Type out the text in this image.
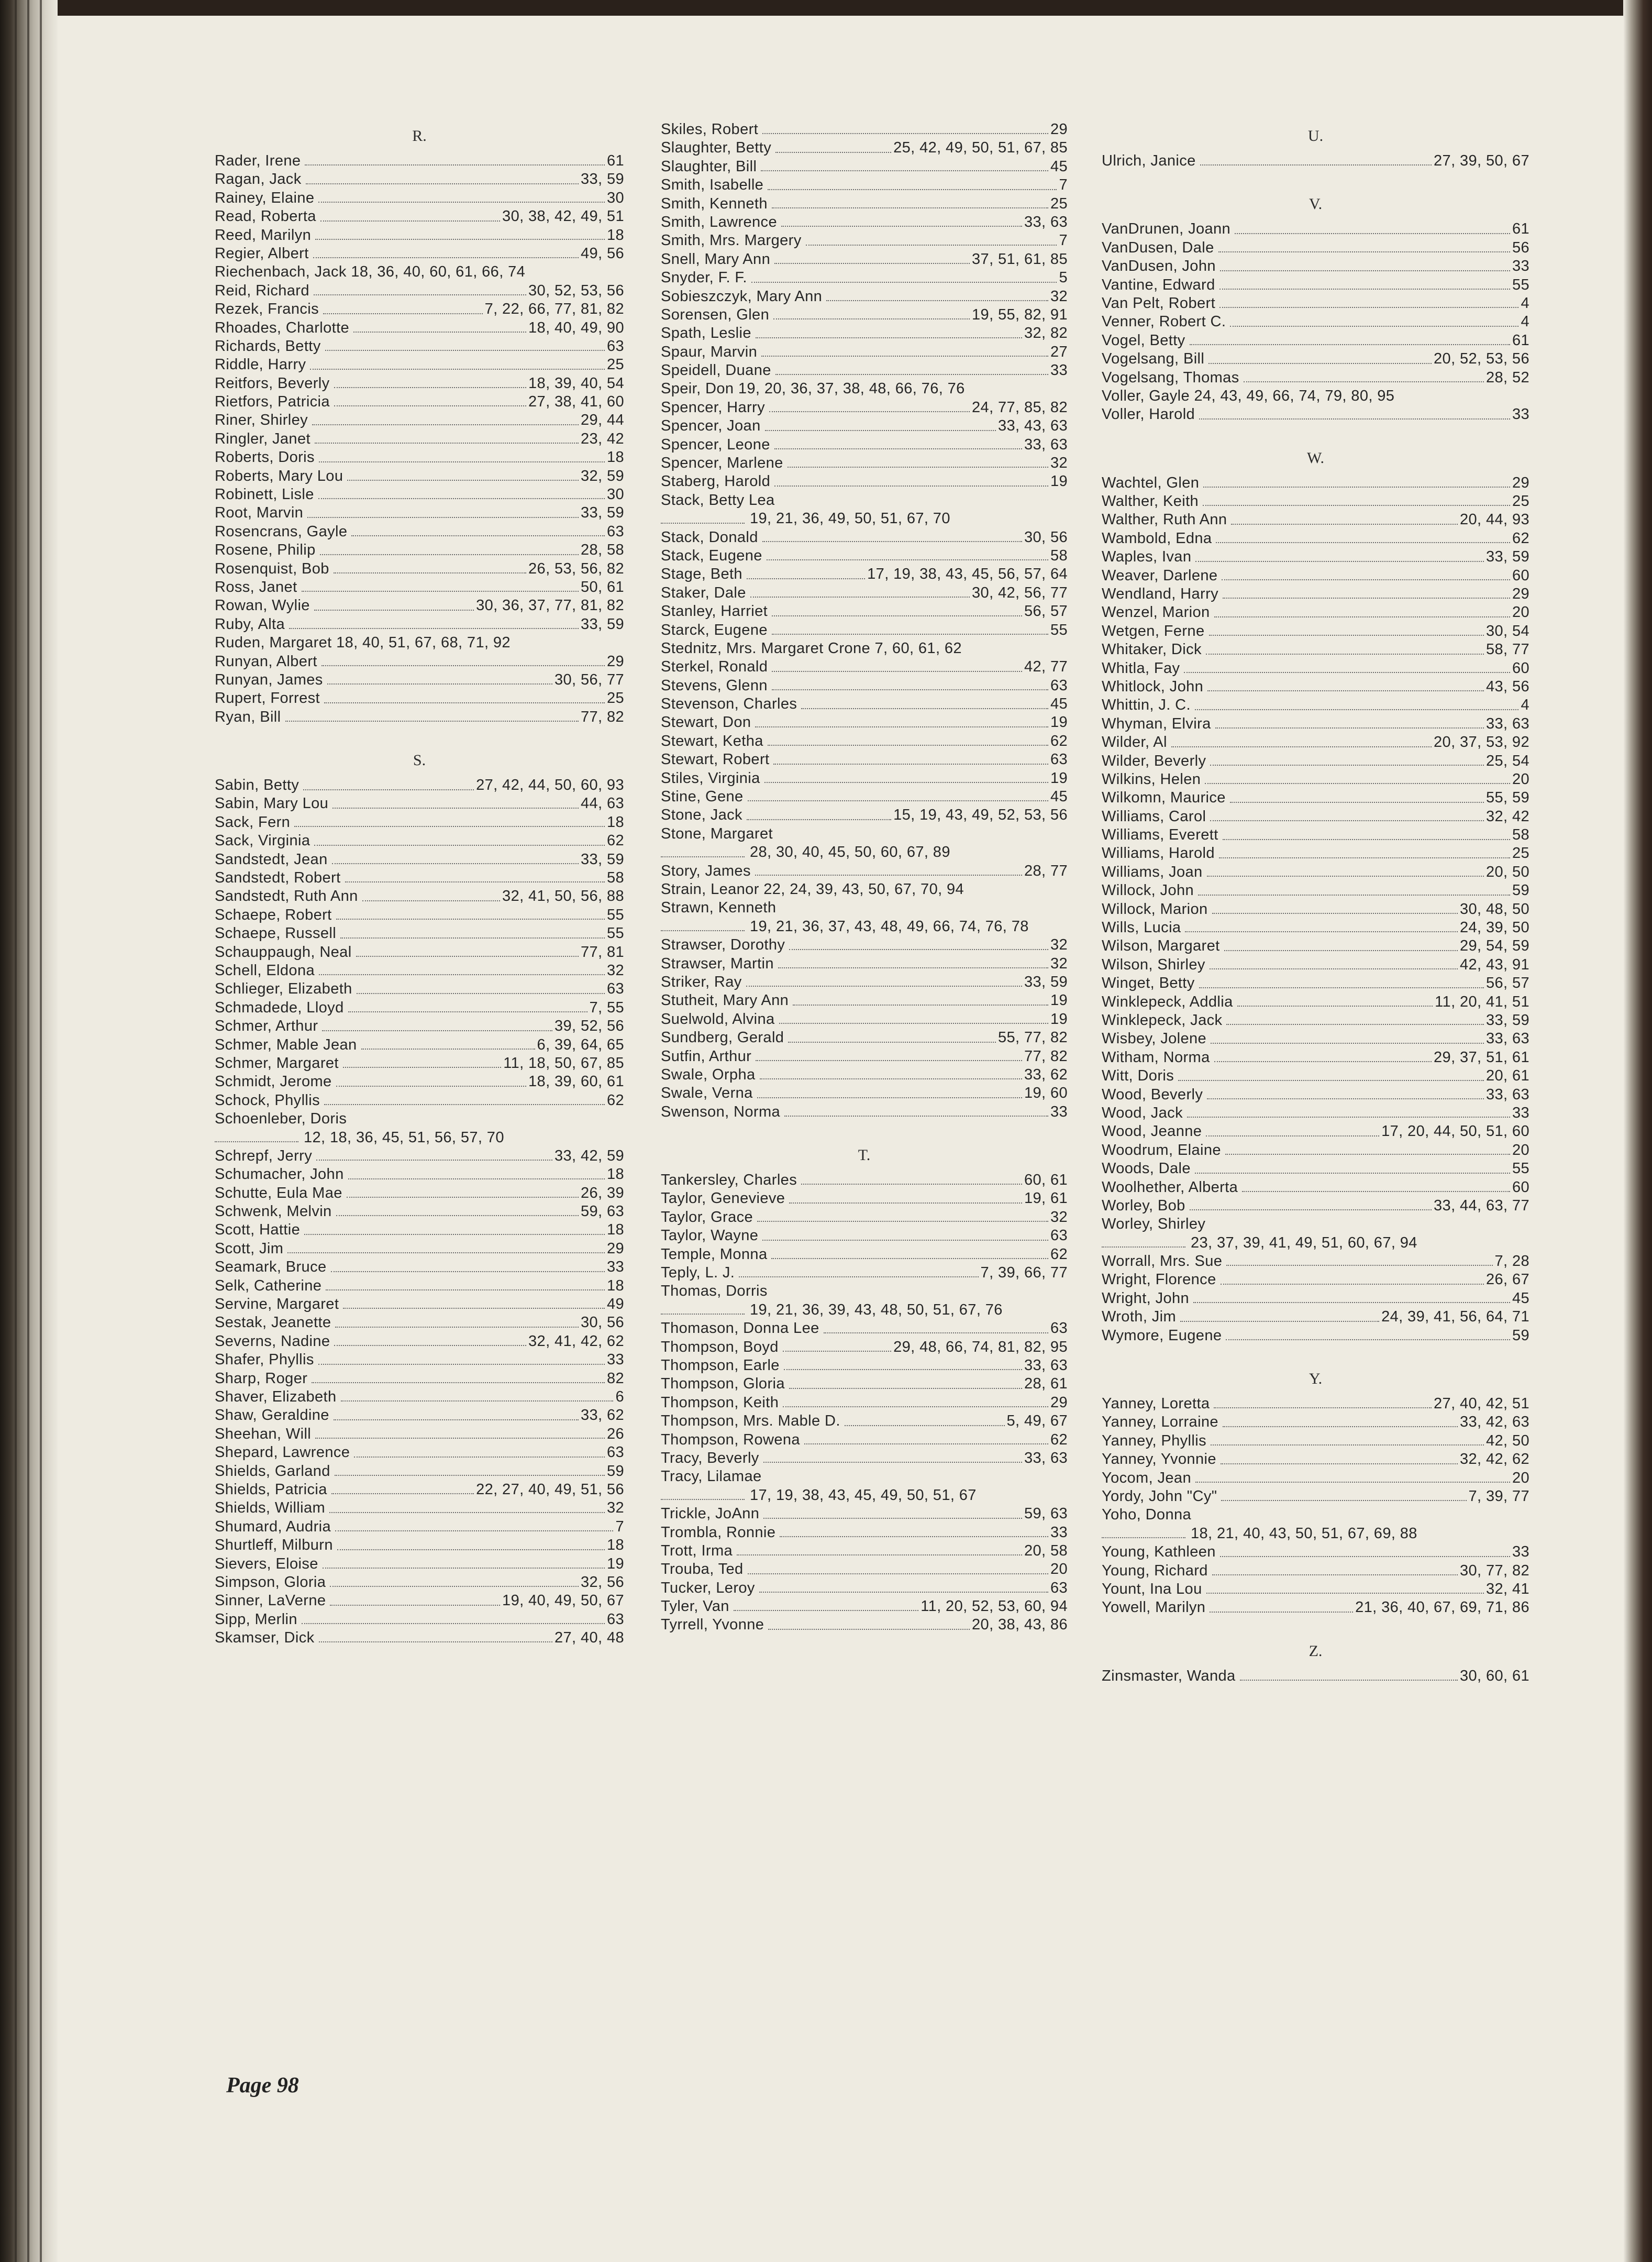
R.
Rader, Irene	61
Ragan, Jack	33, 59
Rainey, Elaine	30
Read, Roberta	30, 38, 42, 49, 51
Reed, Marilyn	18
Regier, Albert	49, 56
Riechenbach, Jack 18, 36, 40, 60, 61, 66, 74
Reid, Richard	30, 52, 53, 56
Rezek, Francis	7, 22, 66, 77, 81, 82
Rhoades, Charlotte	18, 40, 49, 90
Richards, Betty	63
Riddle, Harry	25
Reitfors, Beverly	18, 39, 40, 54
Rietfors, Patricia	27, 38, 41, 60
Riner, Shirley	29, 44
Ringler, Janet	23, 42
Roberts, Doris	18
Roberts, Mary Lou	32, 59
Robinett, Lisle	30
Root, Marvin	33, 59
Rosencrans, Gayle	63
Rosene, Philip	28, 58
Rosenquist, Bob	26, 53, 56, 82
Ross, Janet	50, 61
Rowan, Wylie	30, 36, 37, 77, 81, 82
Ruby, Alta	33, 59
Ruden, Margaret 18, 40, 51, 67, 68, 71, 92
Runyan, Albert	29
Runyan, James	30, 56, 77
Rupert, Forrest	25
Ryan, Bill	77, 82
S.
Sabin, Betty	27, 42, 44, 50, 60, 93
Sabin, Mary Lou	44, 63
Sack, Fern	18
Sack, Virginia	62
Sandstedt, Jean	33, 59
Sandstedt, Robert	58
Sandstedt, Ruth Ann	32, 41, 50, 56, 88
Schaepe, Robert	55
Schaepe, Russell	55
Schauppaugh, Neal	77, 81
Schell, Eldona	32
Schlieger, Elizabeth	63
Schmadede, Lloyd	7, 55
Schmer, Arthur	39, 52, 56
Schmer, Mable Jean	6, 39, 64, 65
Schmer, Margaret	11, 18, 50, 67, 85
Schmidt, Jerome	18, 39, 60, 61
Schock, Phyllis	62
Schoenleber, Doris
12, 18, 36, 45, 51, 56, 57, 70
Schrepf, Jerry	33, 42, 59
Schumacher, John	18
Schutte, Eula Mae	26, 39
Schwenk, Melvin	59, 63
Scott, Hattie	18
Scott, Jim	29
Seamark, Bruce	33
Selk, Catherine	18
Servine, Margaret	49
Sestak, Jeanette	30, 56
Severns, Nadine	32, 41, 42, 62
Shafer, Phyllis	33
Sharp, Roger	82
Shaver, Elizabeth	6
Shaw, Geraldine	33, 62
Sheehan, Will	26
Shepard, Lawrence	63
Shields, Garland	59
Shields, Patricia	22, 27, 40, 49, 51, 56
Shields, William	32
Shumard, Audria	7
Shurtleff, Milburn	18
Sievers, Eloise	19
Simpson, Gloria	32, 56
Sinner, LaVerne	19, 40, 49, 50, 67
Sipp, Merlin	63
Skamser, Dick	27, 40, 48
Skiles, Robert	29
Slaughter, Betty	25, 42, 49, 50, 51, 67, 85
Slaughter, Bill	45
Smith, Isabelle	7
Smith, Kenneth	25
Smith, Lawrence	33, 63
Smith, Mrs. Margery	7
Snell, Mary Ann	37, 51, 61, 85
Snyder, F. F.	5
Sobieszczyk, Mary Ann	32
Sorensen, Glen	19, 55, 82, 91
Spath, Leslie	32, 82
Spaur, Marvin	27
Speidell, Duane	33
Speir, Don 19, 20, 36, 37, 38, 48, 66, 76, 76
Spencer, Harry	24, 77, 85, 82
Spencer, Joan	33, 43, 63
Spencer, Leone	33, 63
Spencer, Marlene	32
Staberg, Harold	19
Stack, Betty Lea
19, 21, 36, 49, 50, 51, 67, 70
Stack, Donald	30, 56
Stack, Eugene	58
Stage, Beth	17, 19, 38, 43, 45, 56, 57, 64
Staker, Dale	30, 42, 56, 77
Stanley, Harriet	56, 57
Starck, Eugene	55
Stednitz, Mrs. Margaret Crone 7, 60, 61, 62
Sterkel, Ronald	42, 77
Stevens, Glenn	63
Stevenson, Charles	45
Stewart, Don	19
Stewart, Ketha	62
Stewart, Robert	63
Stiles, Virginia	19
Stine, Gene	45
Stone, Jack	15, 19, 43, 49, 52, 53, 56
Stone, Margaret
28, 30, 40, 45, 50, 60, 67, 89
Story, James	28, 77
Strain, Leanor 22, 24, 39, 43, 50, 67, 70, 94
Strawn, Kenneth
19, 21, 36, 37, 43, 48, 49, 66, 74, 76, 78
Strawser, Dorothy	32
Strawser, Martin	32
Striker, Ray	33, 59
Stutheit, Mary Ann	19
Suelwold, Alvina	19
Sundberg, Gerald	55, 77, 82
Sutfin, Arthur	77, 82
Swale, Orpha	33, 62
Swale, Verna	19, 60
Swenson, Norma	33
T.
Tankersley, Charles	60, 61
Taylor, Genevieve	19, 61
Taylor, Grace	32
Taylor, Wayne	63
Temple, Monna	62
Teply, L. J.	7, 39, 66, 77
Thomas, Dorris
19, 21, 36, 39, 43, 48, 50, 51, 67, 76
Thomason, Donna Lee	63
Thompson, Boyd	29, 48, 66, 74, 81, 82, 95
Thompson, Earle	33, 63
Thompson, Gloria	28, 61
Thompson, Keith	29
Thompson, Mrs. Mable D.	5, 49, 67
Thompson, Rowena	62
Tracy, Beverly	33, 63
Tracy, Lilamae
17, 19, 38, 43, 45, 49, 50, 51, 67
Trickle, JoAnn	59, 63
Trombla, Ronnie	33
Trott, Irma	20, 58
Trouba, Ted	20
Tucker, Leroy	63
Tyler, Van	11, 20, 52, 53, 60, 94
Tyrrell, Yvonne	20, 38, 43, 86
U.
Ulrich, Janice	27, 39, 50, 67
V.
VanDrunen, Joann	61
VanDusen, Dale	56
VanDusen, John	33
Vantine, Edward	55
Van Pelt, Robert	4
Venner, Robert C.	4
Vogel, Betty	61
Vogelsang, Bill	20, 52, 53, 56
Vogelsang, Thomas	28, 52
Voller, Gayle 24, 43, 49, 66, 74, 79, 80, 95
Voller, Harold	33
W.
Wachtel, Glen	29
Walther, Keith	25
Walther, Ruth Ann	20, 44, 93
Wambold, Edna	62
Waples, Ivan	33, 59
Weaver, Darlene	60
Wendland, Harry	29
Wenzel, Marion	20
Wetgen, Ferne	30, 54
Whitaker, Dick	58, 77
Whitla, Fay	60
Whitlock, John	43, 56
Whittin, J. C.	4
Whyman, Elvira	33, 63
Wilder, Al	20, 37, 53, 92
Wilder, Beverly	25, 54
Wilkins, Helen	20
Wilkomn, Maurice	55, 59
Williams, Carol	32, 42
Williams, Everett	58
Williams, Harold	25
Williams, Joan	20, 50
Willock, John	59
Willock, Marion	30, 48, 50
Wills, Lucia	24, 39, 50
Wilson, Margaret	29, 54, 59
Wilson, Shirley	42, 43, 91
Winget, Betty	56, 57
Winklepeck, Addlia	11, 20, 41, 51
Winklepeck, Jack	33, 59
Wisbey, Jolene	33, 63
Witham, Norma	29, 37, 51, 61
Witt, Doris	20, 61
Wood, Beverly	33, 63
Wood, Jack	33
Wood, Jeanne	17, 20, 44, 50, 51, 60
Woodrum, Elaine	20
Woods, Dale	55
Woolhether, Alberta	60
Worley, Bob	33, 44, 63, 77
Worley, Shirley
23, 37, 39, 41, 49, 51, 60, 67, 94
Worrall, Mrs. Sue	7, 28
Wright, Florence	26, 67
Wright, John	45
Wroth, Jim	24, 39, 41, 56, 64, 71
Wymore, Eugene	59
Y.
Yanney, Loretta	27, 40, 42, 51
Yanney, Lorraine	33, 42, 63
Yanney, Phyllis	42, 50
Yanney, Yvonnie	32, 42, 62
Yocom, Jean	20
Yordy, John "Cy"	7, 39, 77
Yoho, Donna
18, 21, 40, 43, 50, 51, 67, 69, 88
Young, Kathleen	33
Young, Richard	30, 77, 82
Yount, Ina Lou	32, 41
Yowell, Marilyn	21, 36, 40, 67, 69, 71, 86
Z.
Zinsmaster, Wanda	30, 60, 61
Page 98
